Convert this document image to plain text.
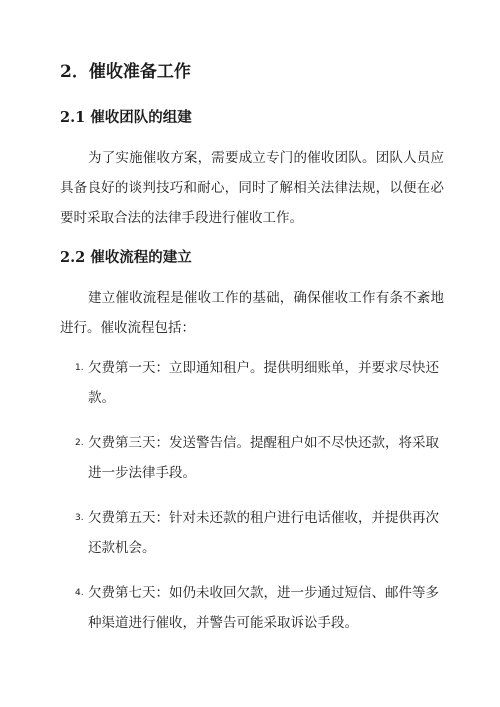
2．催收准备工作
2.1 催收团队的组建
为了实施催收方案，需要成立专门的催收团队。团队人员应具备良好的谈判技巧和耐心，同时了解相关法律法规，以便在必要时采取合法的法律手段进行催收工作。
2.2 催收流程的建立
建立催收流程是催收工作的基础，确保催收工作有条不紊地进行。催收流程包括：
1. 欠费第一天：立即通知租户。提供明细账单，并要求尽快还款。
2. 欠费第三天：发送警告信。提醒租户如不尽快还款，将采取进一步法律手段。
3. 欠费第五天：针对未还款的租户进行电话催收，并提供再次还款机会。
4. 欠费第七天：如仍未收回欠款，进一步通过短信、邮件等多种渠道进行催收，并警告可能采取诉讼手段。
